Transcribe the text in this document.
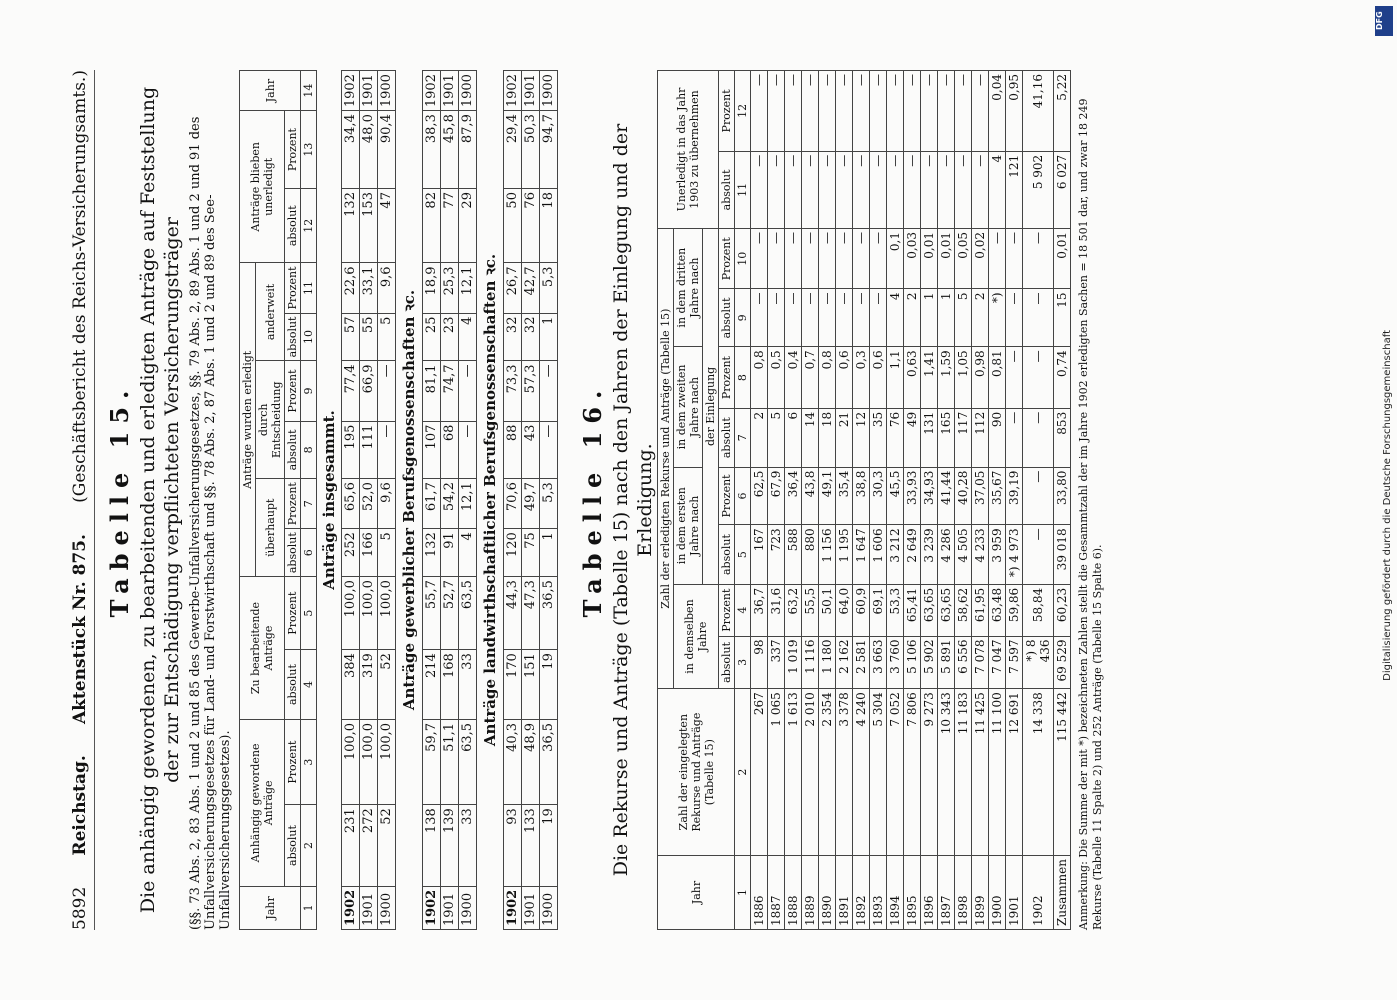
5892
Reichstag.
Aktenstück Nr. 875.
(Geschäftsbericht des Reichs-Versicherungsamts.) Tabelle 15. Die anhängig gewordenen, zu bearbeitenden und erledigten Anträge auf Feststellung der zur Entschädigung verpflichteten Versicherungsträger (§§. 73 Abs. 2, 83 Abs. 1 und 2 und 85 des Gewerbe-Unfallversicherungsgesetzes, §§. 79 Abs. 2, 89 Abs. 1 und 2 und 91 des Unfallversicherungsgesetzes für Land- und Forstwirthschaft und §§. 78 Abs. 2, 87 Abs. 1 und 2 und 89 des See-Unfallversicherungsgesetzes).	Jahr	Anhängig gewordene Anträge		Zu bearbeitende Anträge		Anträge wurden erledigt						Anträge blieben unerledigt		Jahr
					überhaupt		durch Entscheidung		anderweit				
	absolut	Prozent	absolut	Prozent	absolut	Prozent	absolut	Prozent	absolut	Prozent	absolut	Prozent	
1	2	3	4	5	6	7	8	9	10	11	12	13	14
Anträge insgesammt.													
1902	231	100,0	384	100,0	252	65,6	195	77,4	57	22,6	132	34,4	1902
1901	272	100,0	319	100,0	166	52,0	111	66,9	55	33,1	153	48,0	1901
1900	52	100,0	52	100,0	5	9,6	—	—	5	9,6	47	90,4	1900
Anträge gewerblicher Berufsgenossenschaften ꝛc.													
1902	138	59,7	214	55,7	132	61,7	107	81,1	25	18,9	82	38,3	1902
1901	139	51,1	168	52,7	91	54,2	68	74,7	23	25,3	77	45,8	1901
1900	33	63,5	33	63,5	4	12,1	—	—	4	12,1	29	87,9	1900
Anträge landwirthschaftlicher Berufsgenossenschaften ꝛc.													
1902	93	40,3	170	44,3	120	70,6	88	73,3	32	26,7	50	29,4	1902
1901	133	48,9	151	47,3	75	49,7	43	57,3	32	42,7	76	50,3	1901
1900	19	36,5	19	36,5	1	5,3	—	—	1	5,3	18	94,7	1900
Tabelle 16. Die Rekurse und Anträge (Tabelle 15) nach den Jahren der Einlegung und der Erledigung.
Jahr	Zahl der eingelegten Rekurse und Anträge (Tabelle 15)	Zahl der erledigten Rekurse und Anträge (Tabelle 15)								Unerledigt in das Jahr 1903 zu übernehmen	
		in demselben Jahre		in dem ersten Jahre nach		in dem zweiten Jahre nach		in dem dritten Jahre nach			
				der Einlegung							
		absolut	Prozent	absolut	Prozent	absolut	Prozent	absolut	Prozent	absolut	Prozent
1	2	3	4	5	6	7	8	9	10	11	12
1886	267	98	36,7	167	62,5	2	0,8	—	—	—	—
1887	1 065	337	31,6	723	67,9	5	0,5	—	—	—	—
1888	1 613	1 019	63,2	588	36,4	6	0,4	—	—	—	—
1889	2 010	1 116	55,5	880	43,8	14	0,7	—	—	—	—
1890	2 354	1 180	50,1	1 156	49,1	18	0,8	—	—	—	—
1891	3 378	2 162	64,0	1 195	35,4	21	0,6	—	—	—	—
1892	4 240	2 581	60,9	1 647	38,8	12	0,3	—	—	—	—
1893	5 304	3 663	69,1	1 606	30,3	35	0,6	—	—	—	—
1894	7 052	3 760	53,3	3 212	45,5	76	1,1	4	0,1	—	—
1895	7 806	5 106	65,41	2 649	33,93	49	0,63	2	0,03	—	—
1896	9 273	5 902	63,65	3 239	34,93	131	1,41	1	0,01	—	—
1897	10 343	5 891	63,65	4 286	41,44	165	1,59	1	0,01	—	—
1898	11 183	6 556	58,62	4 505	40,28	117	1,05	5	0,05	—	—
1899	11 425	7 078	61,95	4 233	37,05	112	0,98	2	0,02	—	—
1900	11 100	7 047	63,48	3 959	35,67	90	0,81	*)	—	4	0,04
1901	12 691	7 597	59,86	*) 4 973	39,19	—	—	—	—	121	0,95
1902	14 338	*) 8 436	58,84	—	—	—	—	—	—	5 902	41,16
Zusammen	115 442	69 529	60,23	39 018	33,80	853	0,74	15	0,01	6 027	5,22
Anmerkung: Die Summe der mit *) bezeichneten Zahlen stellt die Gesammtzahl der im Jahre 1902 erledigten Sachen = 18 501 dar, und zwar 18 249 Rekurse (Tabelle 11 Spalte 2) und 252 Anträge (Tabelle 15 Spalte 6).
DFG
Digitalisierung gefördert durch die Deutsche Forschungsgemeinschaft
